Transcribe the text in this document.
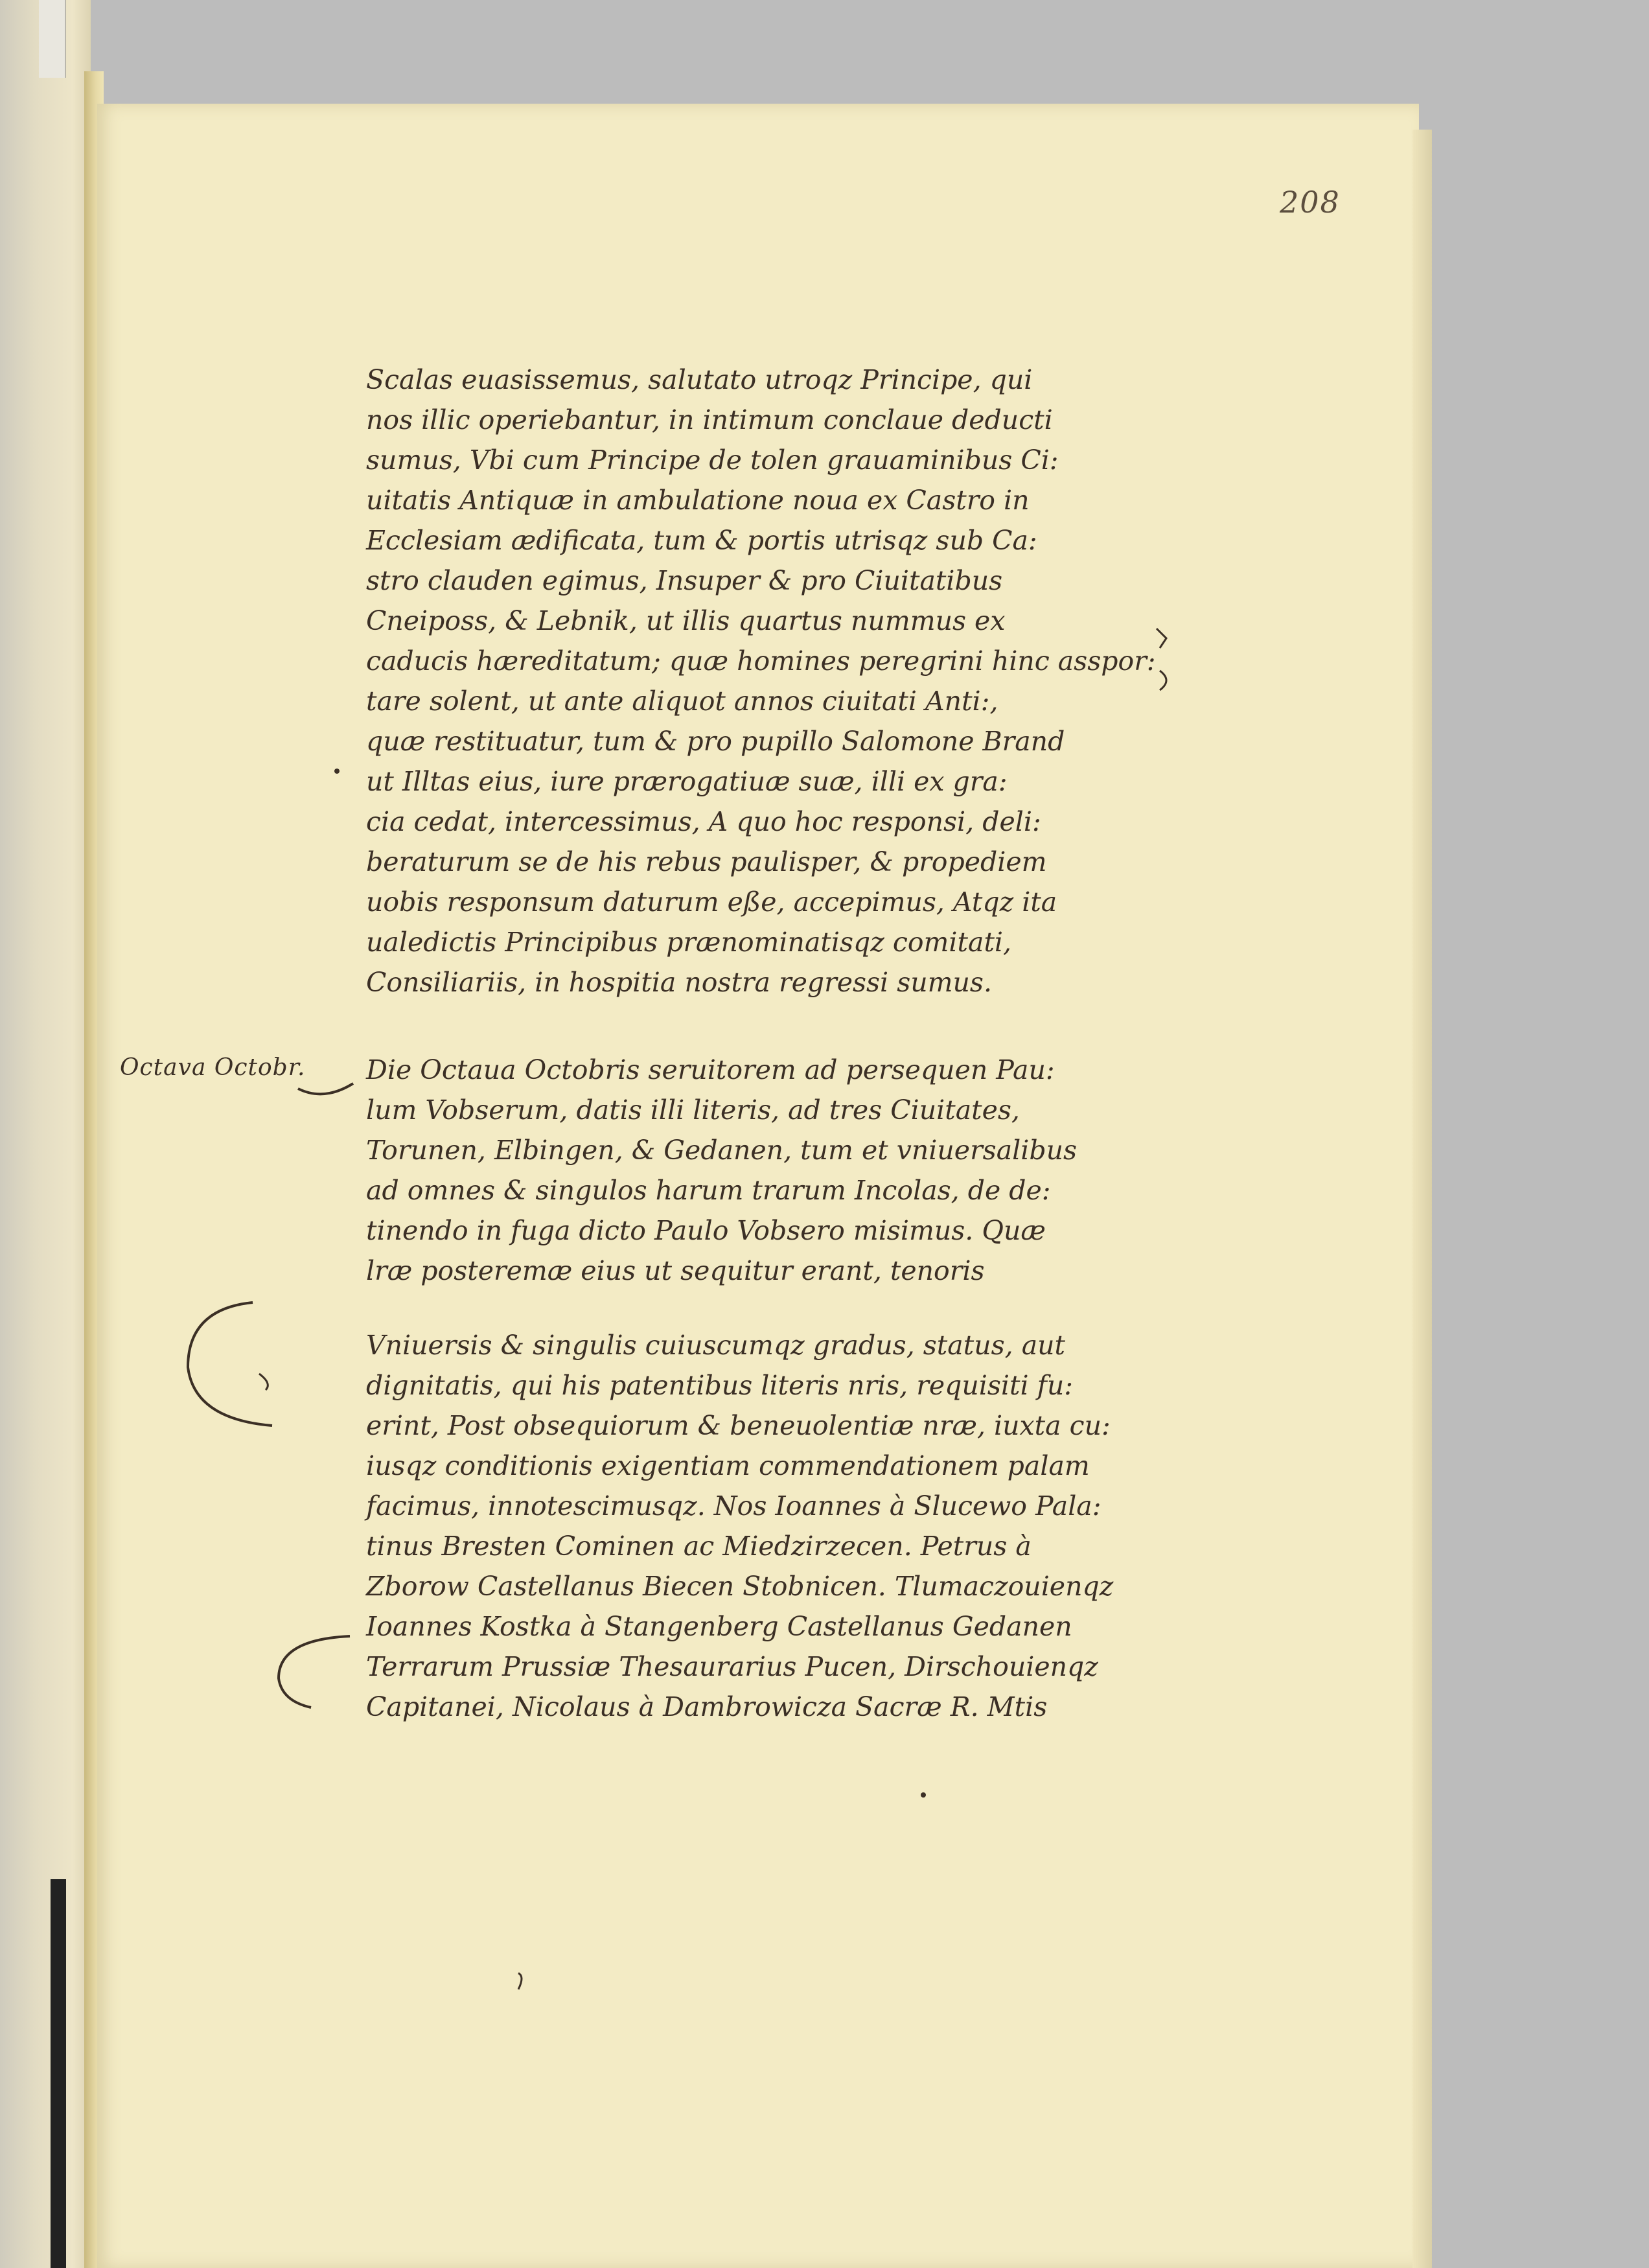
208
Octava Octobr.
Scalas euasissemus, salutato utroqz Principe, qui
nos illic operiebantur, in intimum conclaue deducti
sumus, Vbi cum Principe de tolen grauaminibus Ci:
uitatis Antiquæ in ambulatione noua ex Castro in
Ecclesiam ædificata, tum & portis utrisqz sub Ca:
stro clauden egimus, Insuper & pro Ciuitatibus
Cneiposs, & Lebnik, ut illis quartus nummus ex
caducis hæreditatum; quæ homines peregrini hinc asspor:
tare solent, ut ante aliquot annos ciuitati Anti:,
quæ restituatur, tum & pro pupillo Salomone Brand
ut Illtas eius, iure prærogatiuæ suæ, illi ex gra:
cia cedat, intercessimus, A quo hoc responsi, deli:
beraturum se de his rebus paulisper, & propediem
uobis responsum daturum eße, accepimus, Atqz ita
ualedictis Principibus prænominatisqz comitati,
Consiliariis, in hospitia nostra regressi sumus.
Die Octaua Octobris seruitorem ad persequen Pau:
lum Vobserum, datis illi literis, ad tres Ciuitates,
Torunen, Elbingen, & Gedanen, tum et vniuersalibus
ad omnes & singulos harum trarum Incolas, de de:
tinendo in fuga dicto Paulo Vobsero misimus. Quæ
lræ posteremæ eius ut sequitur erant, tenoris
Vniuersis & singulis cuiuscumqz gradus, status, aut
dignitatis, qui his patentibus literis nris, requisiti fu:
erint, Post obsequiorum & beneuolentiæ nræ, iuxta cu:
iusqz conditionis exigentiam commendationem palam
facimus, innotescimusqz. Nos Ioannes à Slucewo Pala:
tinus Bresten Cominen ac Miedzirzecen. Petrus à
Zborow Castellanus Biecen Stobnicen. Tlumaczouienqz
Ioannes Kostka à Stangenberg Castellanus Gedanen
Terrarum Prussiæ Thesaurarius Pucen, Dirschouienqz
Capitanei, Nicolaus à Dambrowicza Sacræ R. Mtis
